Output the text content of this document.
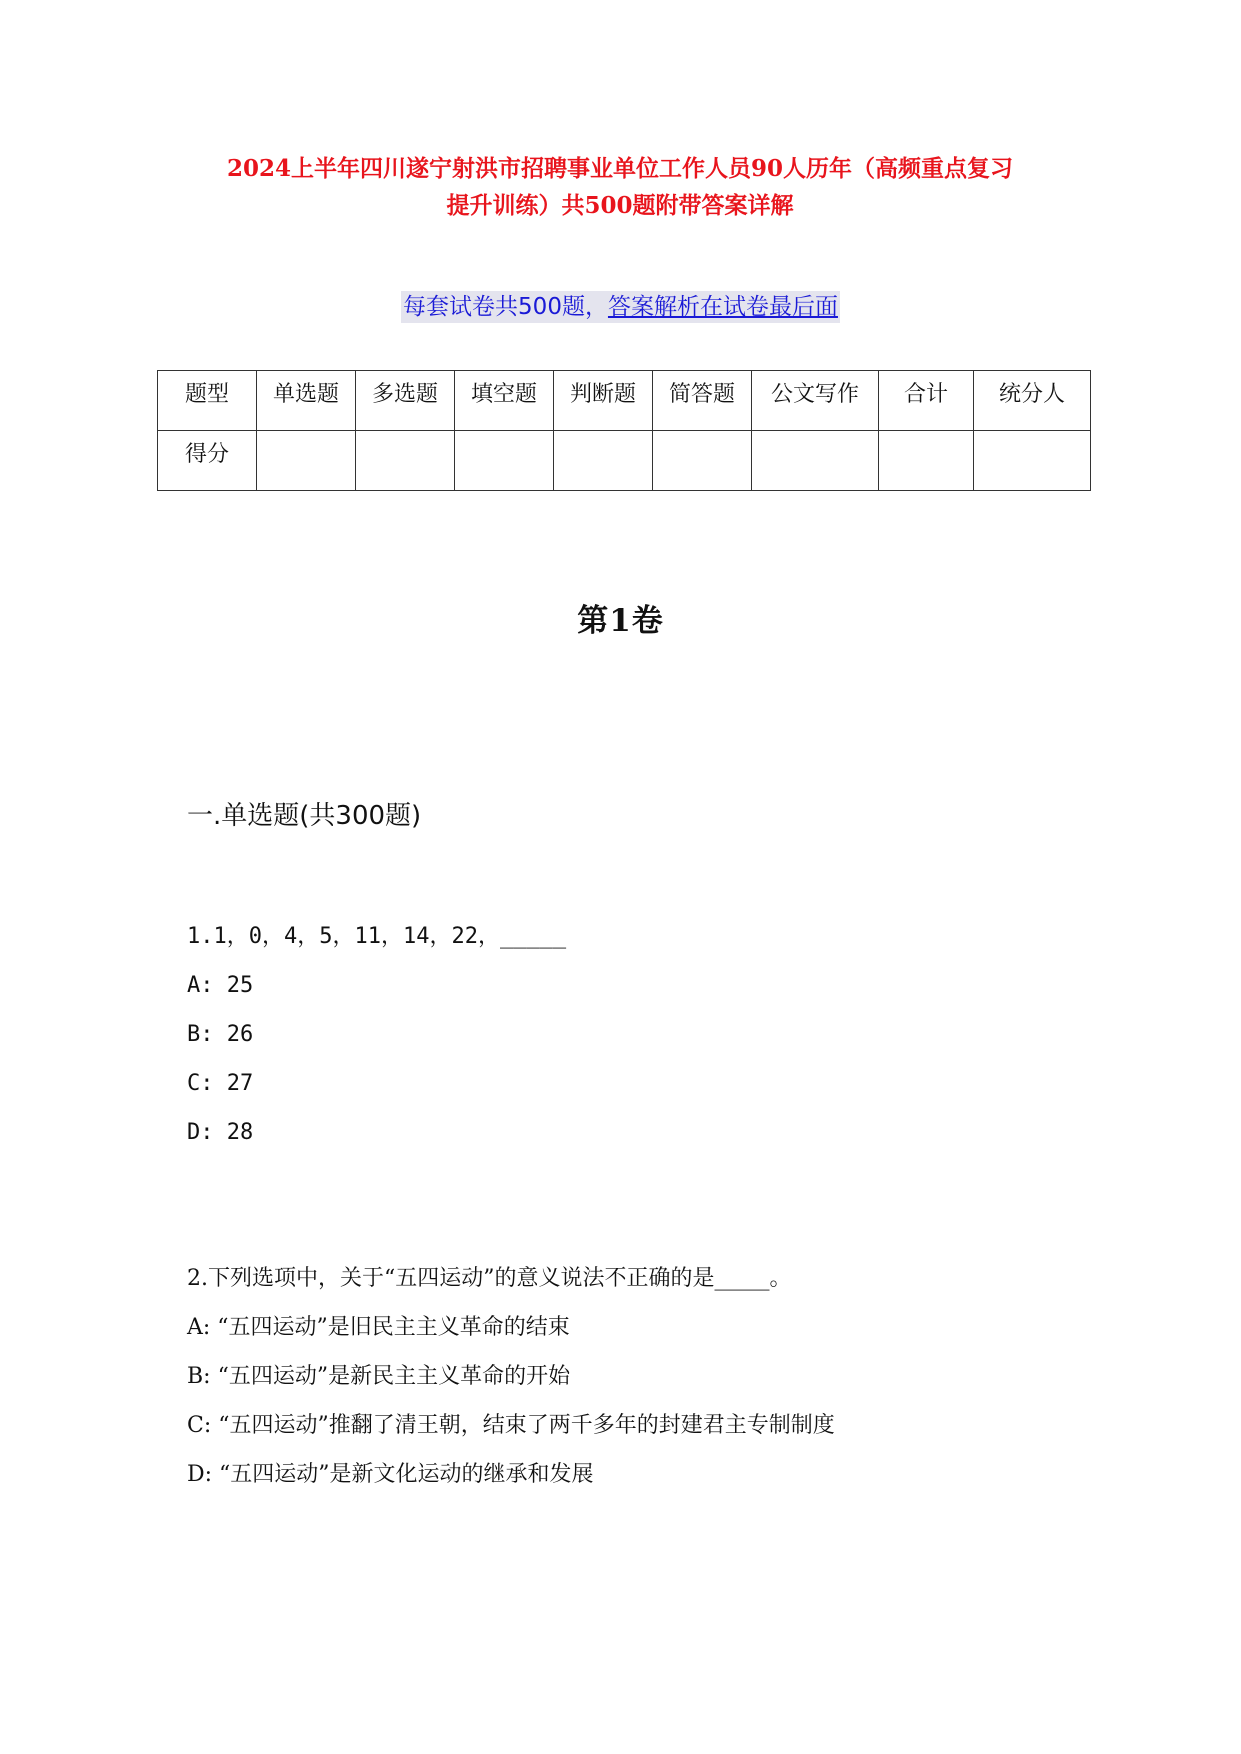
2024上半年四川遂宁射洪市招聘事业单位工作人员90人历年（高频重点复习
提升训练）共500题附带答案详解
每套试卷共500题，答案解析在试卷最后面
题型	单选题	多选题	填空题	判断题	简答题	公文写作	合计	统分人
得分								
第1卷
一.单选题(共300题)
1.1，0，4，5，11，14，22，_____
A: 25
B: 26
C: 27
D: 28
2.下列选项中，关于“五四运动”的意义说法不正确的是_____。
A: “五四运动”是旧民主主义革命的结束
B: “五四运动”是新民主主义革命的开始
C: “五四运动”推翻了清王朝，结束了两千多年的封建君主专制制度
D: “五四运动”是新文化运动的继承和发展
